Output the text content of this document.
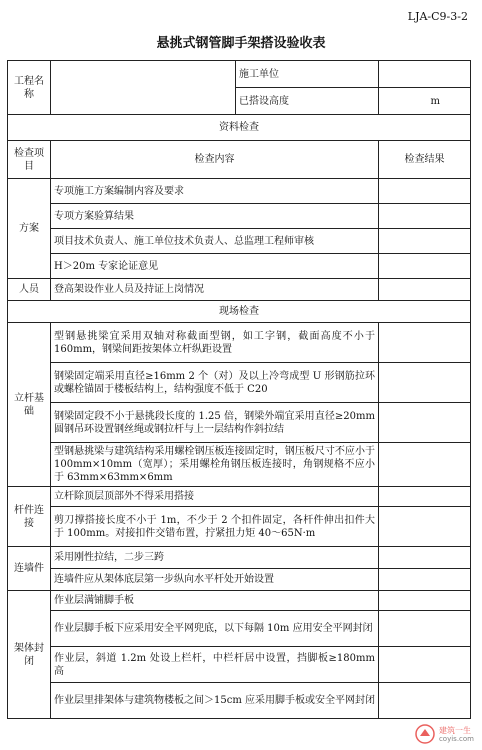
LJA-C9-3-2
悬挑式钢管脚手架搭设验收表
工程名称		施工单位	
		已搭设高度	m
资料检查			
检查项目	检查内容		检查结果
方案	专项施工方案编制内容及要求		
	专项方案验算结果		
	项目技术负责人、施工单位技术负责人、总监理工程师审核		
	H＞20m 专家论证意见		
人员	登高架设作业人员及持证上岗情况		
现场检查			
立杆基础	型钢悬挑梁宜采用双轴对称截面型钢，如工字钢，截面高度不小于 160mm，钢梁间距按架体立杆纵距设置		
	钢梁固定端采用直径≥16mm 2 个（对）及以上冷弯成型 U 形钢筋拉环或螺栓锚固于楼板结构上，结构强度不低于 C20		
	钢梁固定段不小于悬挑段长度的 1.25 倍，钢梁外端宜采用直径≥20mm 圆钢吊环设置钢丝绳或钢拉杆与上一层结构作斜拉结		
	型钢悬挑梁与建筑结构采用螺栓钢压板连接固定时，钢压板尺寸不应小于 100mm×10mm（宽厚）；采用螺栓角钢压板连接时，角钢规格不应小于 63mm×63mm×6mm		
杆件连接	立杆除顶层顶部外不得采用搭接		
	剪刀撑搭接长度不小于 1m，不少于 2 个扣件固定，各杆件伸出扣件大于 100mm。对接扣件交错布置，拧紧扭力矩 40～65N·m		
连墙件	采用刚性拉结，二步三跨		
	连墙件应从架体底层第一步纵向水平杆处开始设置		
架体封闭	作业层满铺脚手板		
	作业层脚手板下应采用安全平网兜底，以下每隔 10m 应用安全平网封闭		
	作业层，斜道 1.2m 处设上栏杆，中栏杆居中设置，挡脚板≥180mm 高		
	作业层里排架体与建筑物楼板之间＞15cm 应采用脚手板或安全平网封闭		
建筑一生
coyis.com
